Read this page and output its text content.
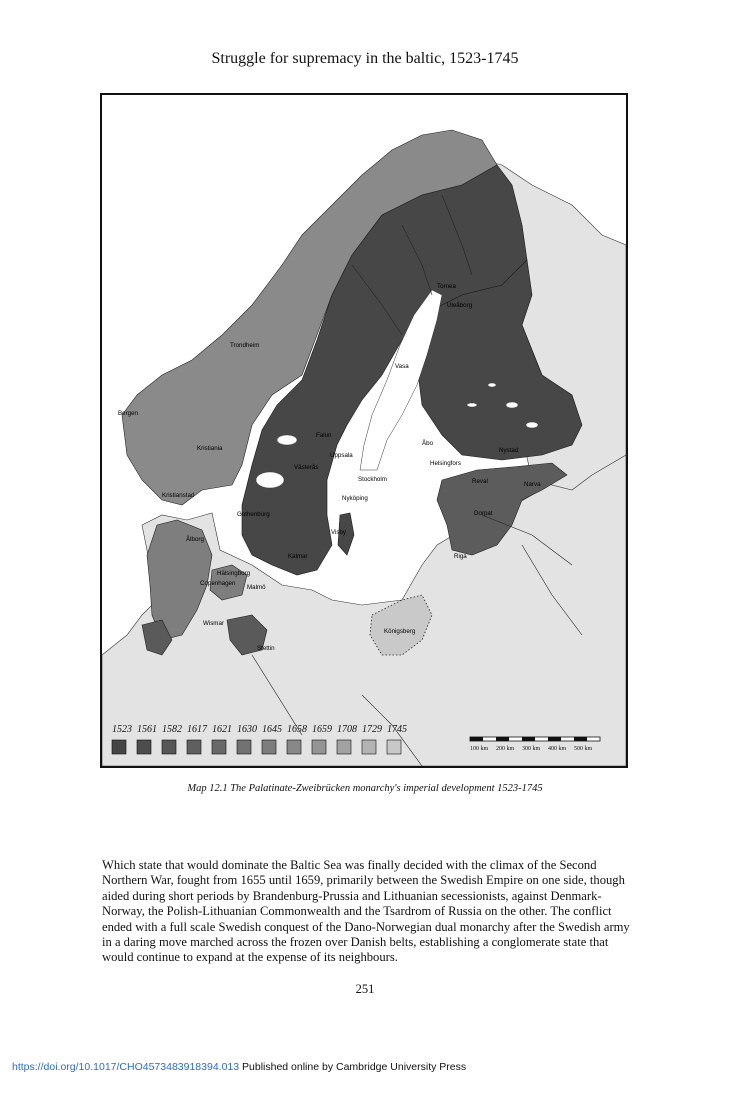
Struggle for supremacy in the baltic, 1523-1745
Tornea
Uleåborg
Trondheim
Vasa
Bergen
Kristiania
Falun
Åbo
Nystad
Uppsala
Helsingfors
Västerås
Stockholm	Reval	Narva
Kristianstad	Nyköping
Gothenburg	Dorpat
Visby
Ålborg
Kalmar	Riga
Hälsingborg
Copenhagen
Malmö
Wismar
Königsberg
Stettin
1523 1561 1582 1617 1621 1630 1645 1658 1659 1708 1729 1745
100 km 200 km 300 km 400 km 500 km
Map 12.1 The Palatinate-Zweibrücken monarchy's imperial development 1523-1745
Which state that would dominate the Baltic Sea was finally decided with the climax of the Second Northern War, fought from 1655 until 1659, primarily between the Swedish Empire on one side, though aided during short periods by Brandenburg-Prussia and Lithuanian secessionists, against Denmark-Norway, the Polish-Lithuanian Commonwealth and the Tsardrom of Russia on the other. The conflict ended with a full scale Swedish conquest of the Dano-Norwegian dual monarchy after the Swedish army in a daring move marched across the frozen over Danish belts, establishing a conglomerate state that would continue to expand at the expense of its neighbours.
251
https://doi.org/10.1017/CHO4573483918394.013 Published online by Cambridge University Press
